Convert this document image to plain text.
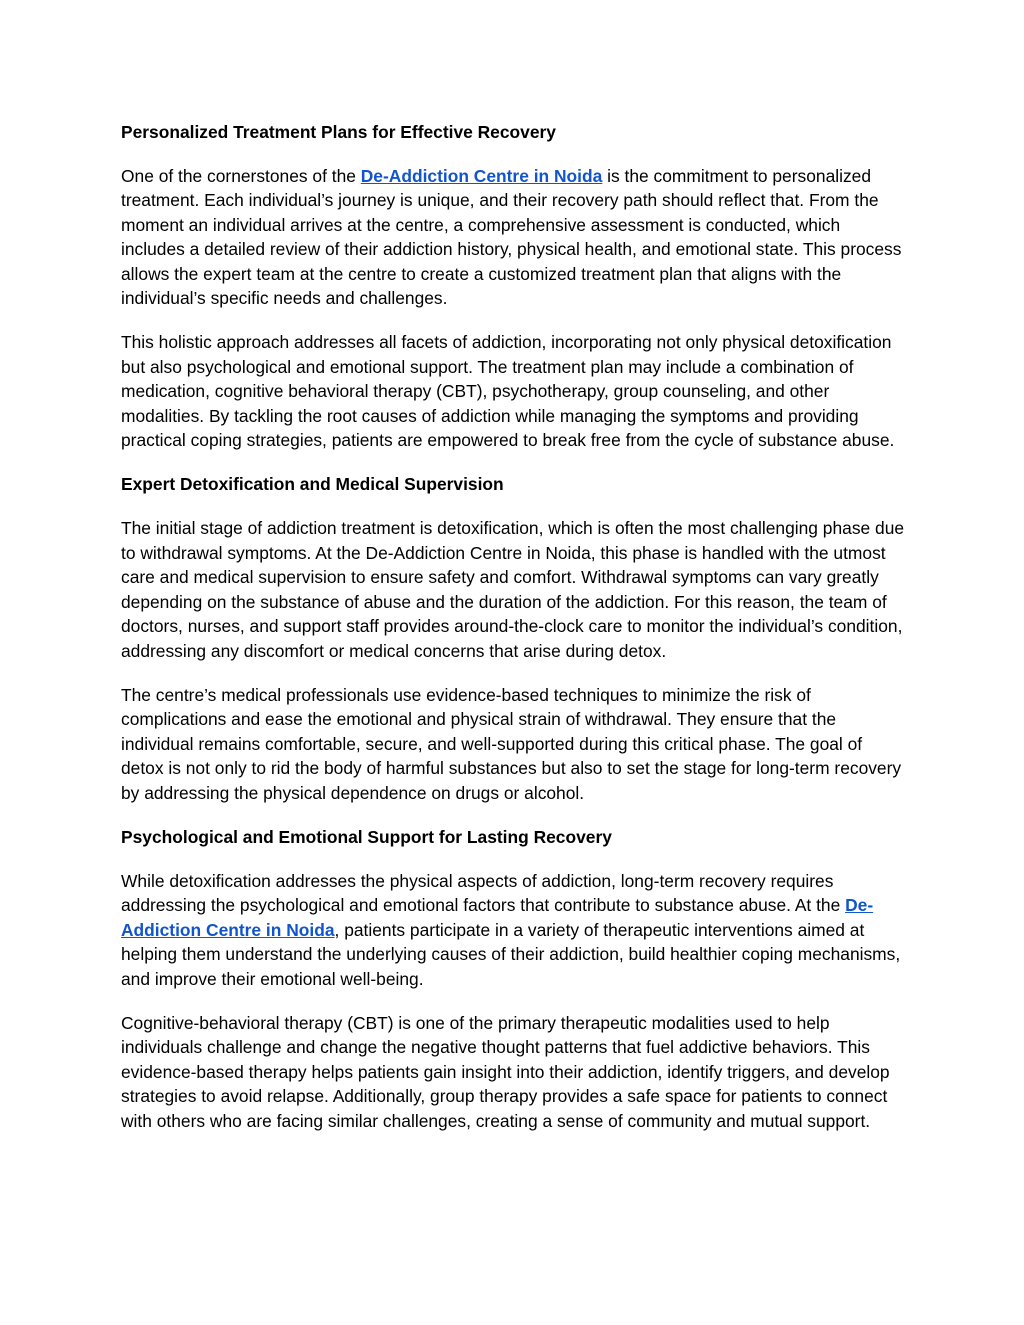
Personalized Treatment Plans for Effective Recovery

One of the cornerstones of the De-Addiction Centre in Noida is the commitment to personalized treatment. Each individual’s journey is unique, and their recovery path should reflect that. From the moment an individual arrives at the centre, a comprehensive assessment is conducted, which includes a detailed review of their addiction history, physical health, and emotional state. This process allows the expert team at the centre to create a customized treatment plan that aligns with the individual’s specific needs and challenges.

This holistic approach addresses all facets of addiction, incorporating not only physical detoxification but also psychological and emotional support. The treatment plan may include a combination of medication, cognitive behavioral therapy (CBT), psychotherapy, group counseling, and other modalities. By tackling the root causes of addiction while managing the symptoms and providing practical coping strategies, patients are empowered to break free from the cycle of substance abuse.

Expert Detoxification and Medical Supervision

The initial stage of addiction treatment is detoxification, which is often the most challenging phase due to withdrawal symptoms. At the De-Addiction Centre in Noida, this phase is handled with the utmost care and medical supervision to ensure safety and comfort. Withdrawal symptoms can vary greatly depending on the substance of abuse and the duration of the addiction. For this reason, the team of doctors, nurses, and support staff provides around-the-clock care to monitor the individual’s condition, addressing any discomfort or medical concerns that arise during detox.

The centre’s medical professionals use evidence-based techniques to minimize the risk of complications and ease the emotional and physical strain of withdrawal. They ensure that the individual remains comfortable, secure, and well-supported during this critical phase. The goal of detox is not only to rid the body of harmful substances but also to set the stage for long-term recovery by addressing the physical dependence on drugs or alcohol.

Psychological and Emotional Support for Lasting Recovery

While detoxification addresses the physical aspects of addiction, long-term recovery requires addressing the psychological and emotional factors that contribute to substance abuse. At the De-Addiction Centre in Noida, patients participate in a variety of therapeutic interventions aimed at helping them understand the underlying causes of their addiction, build healthier coping mechanisms, and improve their emotional well-being.

Cognitive-behavioral therapy (CBT) is one of the primary therapeutic modalities used to help individuals challenge and change the negative thought patterns that fuel addictive behaviors. This evidence-based therapy helps patients gain insight into their addiction, identify triggers, and develop strategies to avoid relapse. Additionally, group therapy provides a safe space for patients to connect with others who are facing similar challenges, creating a sense of community and mutual support.
